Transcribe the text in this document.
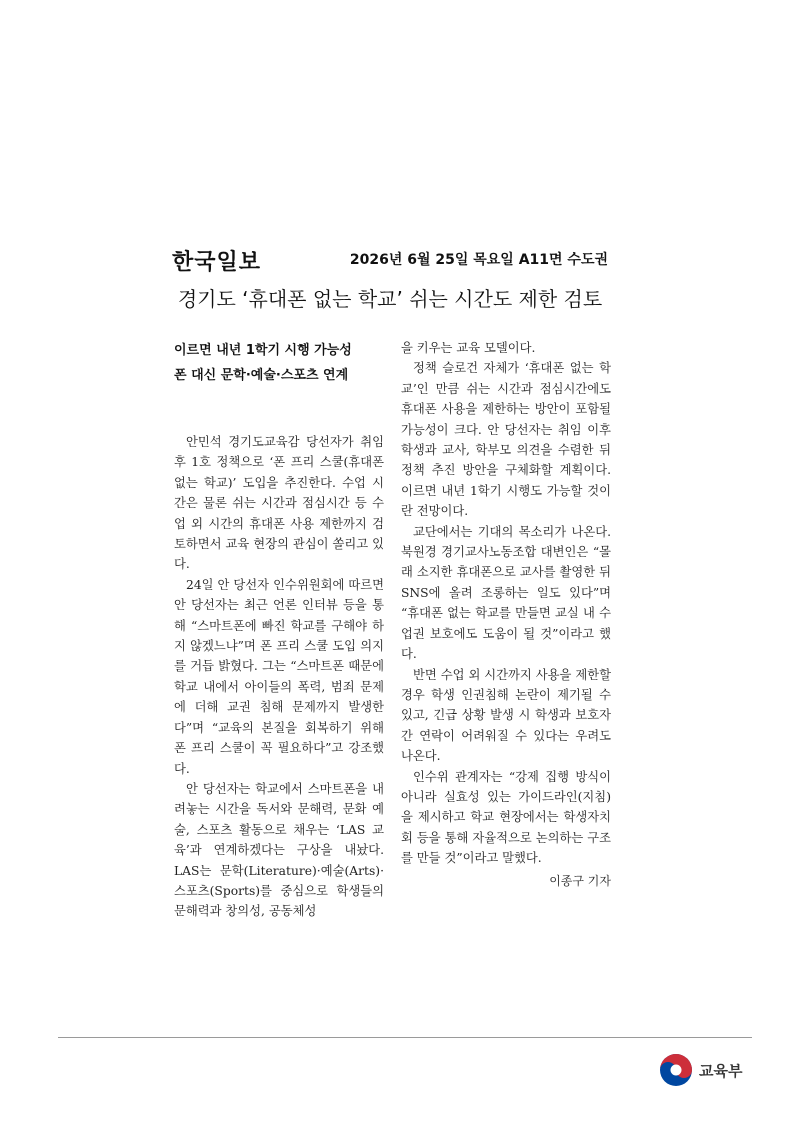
한국일보	2026년 6월 25일 목요일 A11면 수도권
경기도 ‘휴대폰 없는 학교’ 쉬는 시간도 제한 검토
이르면 내년 1학기 시행 가능성
폰 대신 문학·예술·스포츠 연계

안민석 경기도교육감 당선자가 취임 후 1호 정책으로 ‘폰 프리 스쿨(휴대폰 없는 학교)’ 도입을 추진한다. 수업 시간은 물론 쉬는 시간과 점심시간 등 수업 외 시간의 휴대폰 사용 제한까지 검토하면서 교육 현장의 관심이 쏠리고 있다.

24일 안 당선자 인수위원회에 따르면 안 당선자는 최근 언론 인터뷰 등을 통해 “스마트폰에 빠진 학교를 구해야 하지 않겠느냐”며 폰 프리 스쿨 도입 의지를 거듭 밝혔다. 그는 “스마트폰 때문에 학교 내에서 아이들의 폭력, 범죄 문제에 더해 교권 침해 문제까지 발생한다”며 “교육의 본질을 회복하기 위해 폰 프리 스쿨이 꼭 필요하다”고 강조했다.

안 당선자는 학교에서 스마트폰을 내려놓는 시간을 독서와 문해력, 문화 예술, 스포츠 활동으로 채우는 ‘LAS 교육’과 연계하겠다는 구상을 내놨다. LAS는 문학(Literature)·예술(Arts)·스포츠(Sports)를 중심으로 학생들의 문해력과 창의성, 공동체성

을 키우는 교육 모델이다.

정책 슬로건 자체가 ‘휴대폰 없는 학교’인 만큼 쉬는 시간과 점심시간에도 휴대폰 사용을 제한하는 방안이 포함될 가능성이 크다. 안 당선자는 취임 이후 학생과 교사, 학부모 의견을 수렴한 뒤 정책 추진 방안을 구체화할 계획이다. 이르면 내년 1학기 시행도 가능할 것이란 전망이다.

교단에서는 기대의 목소리가 나온다. 북원경 경기교사노동조합 대변인은 “몰래 소지한 휴대폰으로 교사를 촬영한 뒤 SNS에 올려 조롱하는 일도 있다”며 “휴대폰 없는 학교를 만들면 교실 내 수업권 보호에도 도움이 될 것”이라고 했다.

반면 수업 외 시간까지 사용을 제한할 경우 학생 인권침해 논란이 제기될 수 있고, 긴급 상황 발생 시 학생과 보호자 간 연락이 어려워질 수 있다는 우려도 나온다.

인수위 관계자는 “강제 집행 방식이 아니라 실효성 있는 가이드라인(지침)을 제시하고 학교 현장에서는 학생자치회 등을 통해 자율적으로 논의하는 구조를 만들 것”이라고 말했다.

이종구 기자
교육부
